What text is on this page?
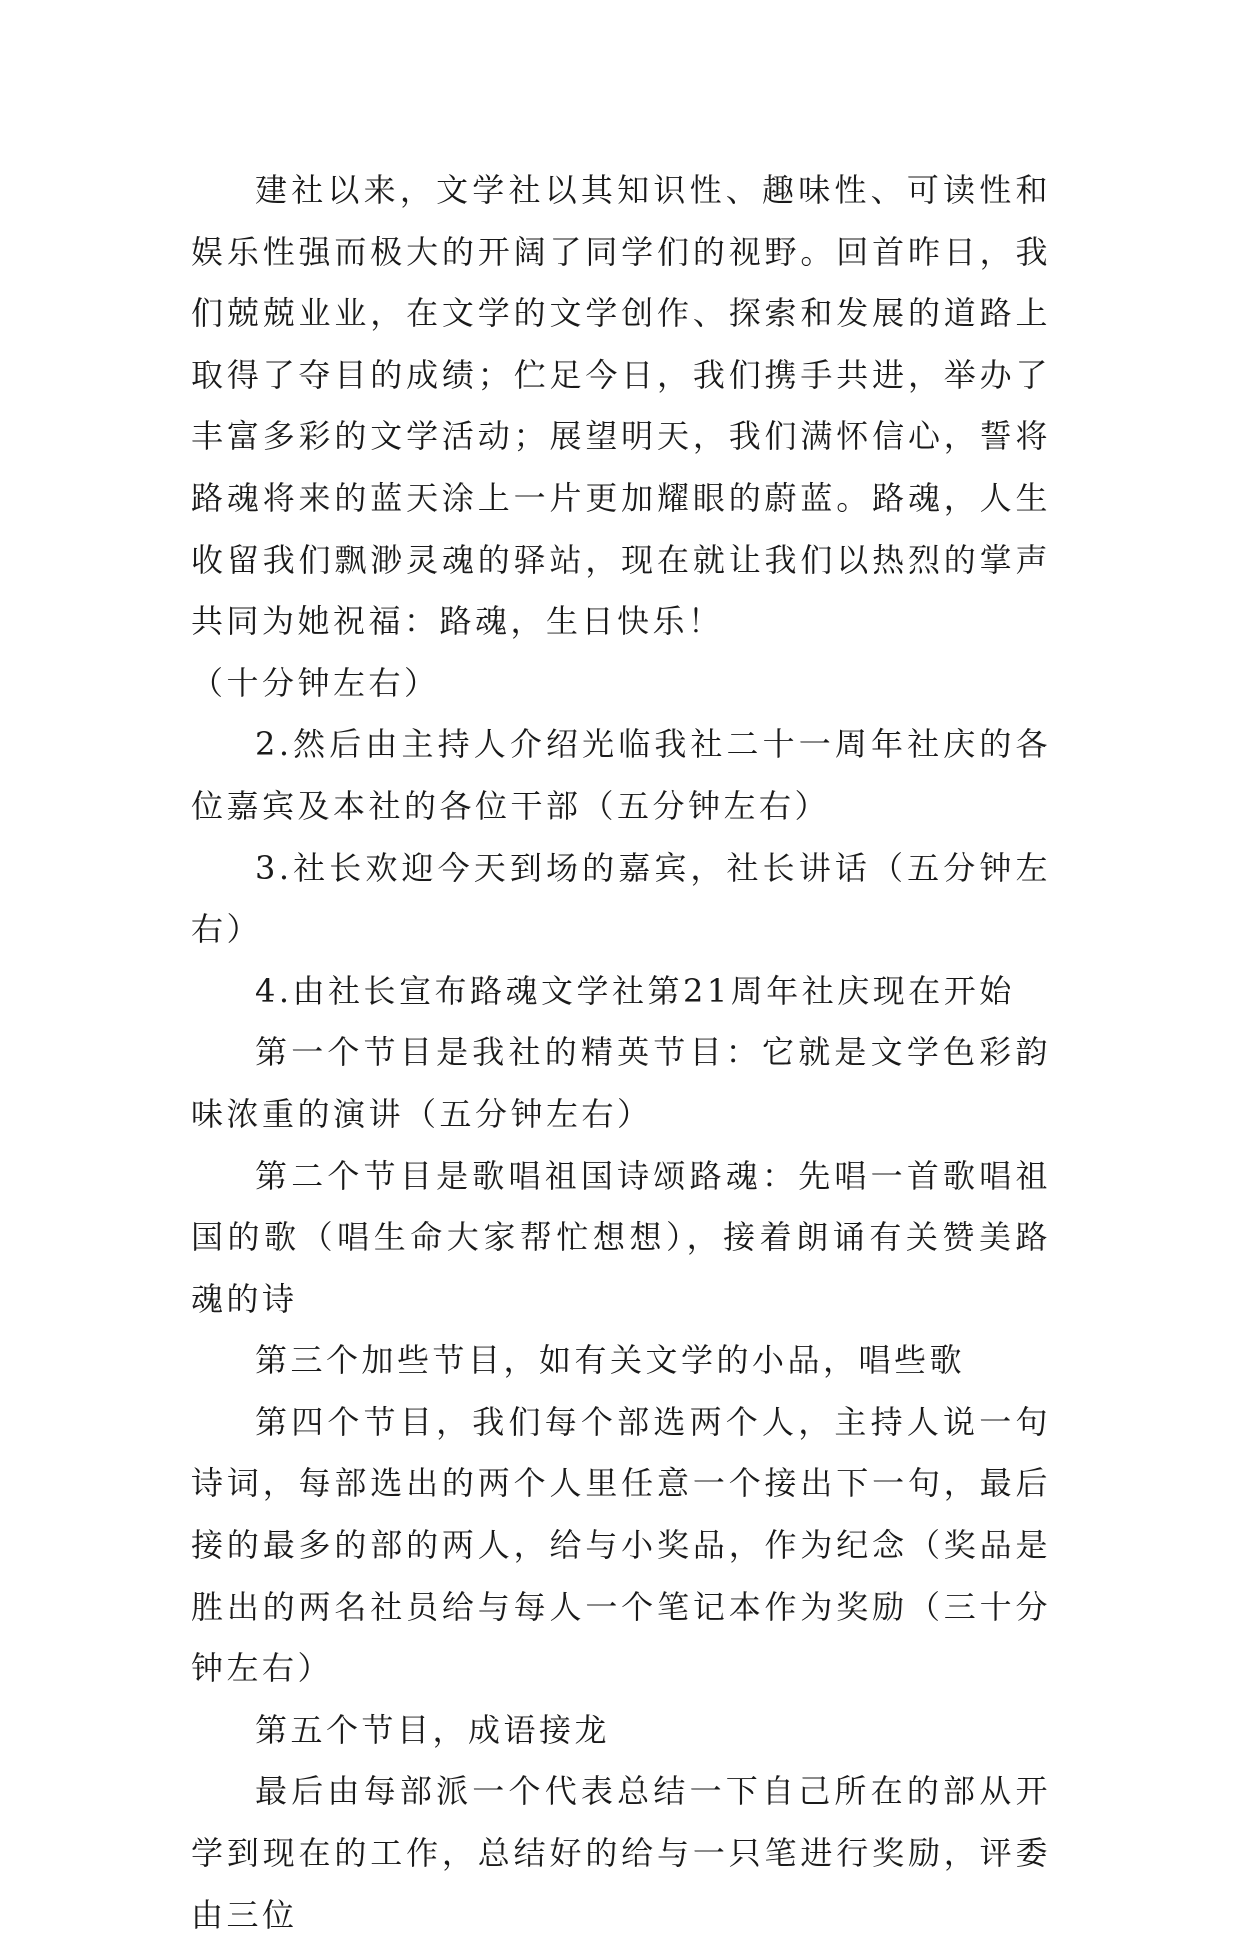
建社以来，文学社以其知识性、趣味性、可读性和娱乐性强而极大的开阔了同学们的视野。回首昨日，我们兢兢业业，在文学的文学创作、探索和发展的道路上取得了夺目的成绩；伫足今日，我们携手共进，举办了丰富多彩的文学活动；展望明天，我们满怀信心，誓将路魂将来的蓝天涂上一片更加耀眼的蔚蓝。路魂，人生收留我们飘渺灵魂的驿站，现在就让我们以热烈的掌声共同为她祝福：路魂，生日快乐！

（十分钟左右）

2.然后由主持人介绍光临我社二十一周年社庆的各位嘉宾及本社的各位干部（五分钟左右）

3.社长欢迎今天到场的嘉宾，社长讲话（五分钟左右）

4.由社长宣布路魂文学社第21周年社庆现在开始

第一个节目是我社的精英节目：它就是文学色彩韵味浓重的演讲（五分钟左右）

第二个节目是歌唱祖国诗颂路魂：先唱一首歌唱祖国的歌（唱生命大家帮忙想想），接着朗诵有关赞美路魂的诗

第三个加些节目，如有关文学的小品，唱些歌

第四个节目，我们每个部选两个人，主持人说一句诗词，每部选出的两个人里任意一个接出下一句，最后接的最多的部的两人，给与小奖品，作为纪念（奖品是胜出的两名社员给与每人一个笔记本作为奖励（三十分钟左右）

第五个节目，成语接龙

最后由每部派一个代表总结一下自己所在的部从开学到现在的工作，总结好的给与一只笔进行奖励，评委由三位
